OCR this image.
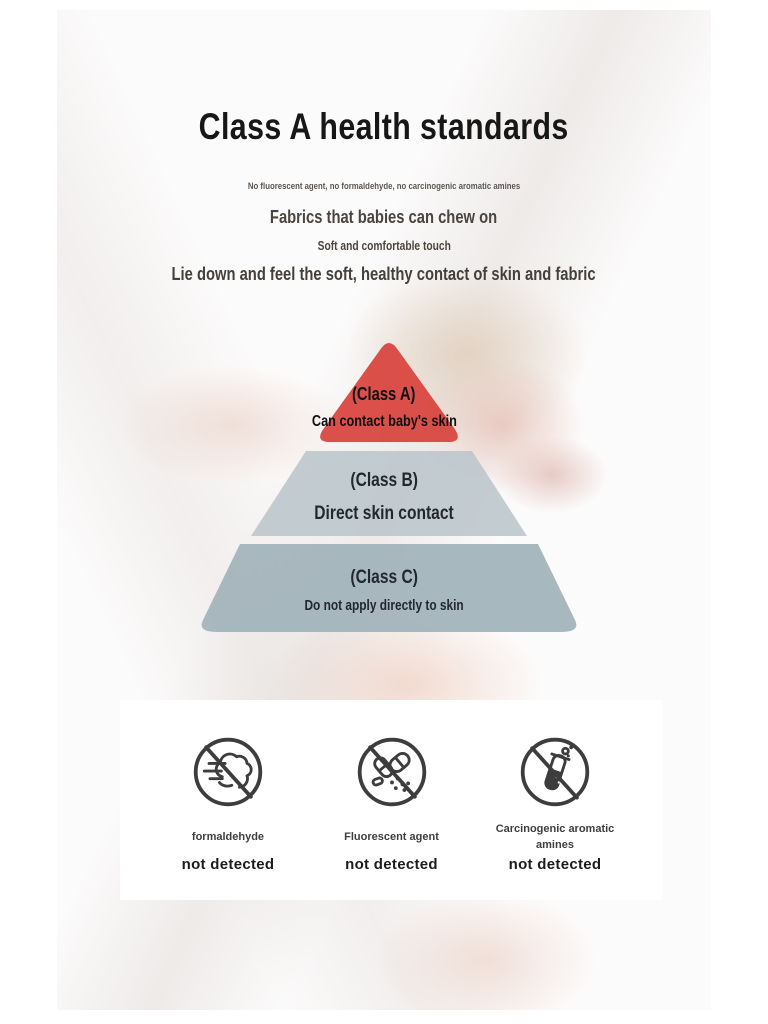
Class A health standards
No fluorescent agent, no formaldehyde, no carcinogenic aromatic amines
Fabrics that babies can chew on
Soft and comfortable touch
Lie down and feel the soft, healthy contact of skin and fabric
(Class A)
Can contact baby's skin
(Class B)
Direct skin contact
(Class C)
Do not apply directly to skin
formaldehyde
not detected
Fluorescent agent
not detected
Carcinogenic aromatic amines
not detected
